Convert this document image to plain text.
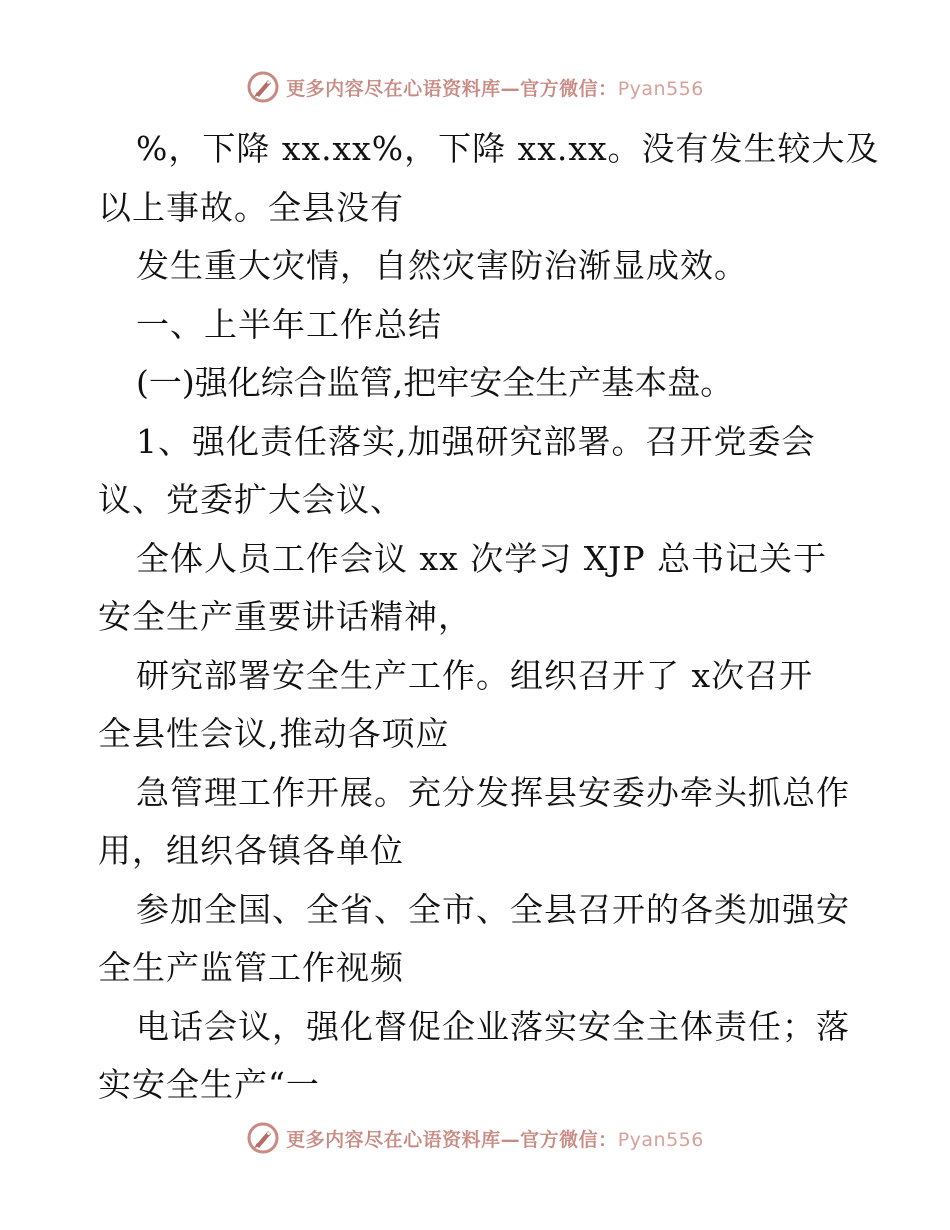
更多内容尽在心语资料库—官方微信：Pyan556
%，下降 xx.xx%，下降 xx.xx。没有发生较大及
以上事故。全县没有
发生重大灾情，自然灾害防治渐显成效。
一、上半年工作总结
(一)强化综合监管,把牢安全生产基本盘。
1、强化责任落实,加强研究部署。召开党委会
议、党委扩大会议、
全体人员工作会议 xx 次学习 XJP 总书记关于
安全生产重要讲话精神，
研究部署安全生产工作。组织召开了 x次召开
全县性会议,推动各项应
急管理工作开展。充分发挥县安委办牵头抓总作
用，组织各镇各单位
参加全国、全省、全市、全县召开的各类加强安
全生产监管工作视频
电话会议，强化督促企业落实安全主体责任；落
实安全生产“一
更多内容尽在心语资料库—官方微信：Pyan556
